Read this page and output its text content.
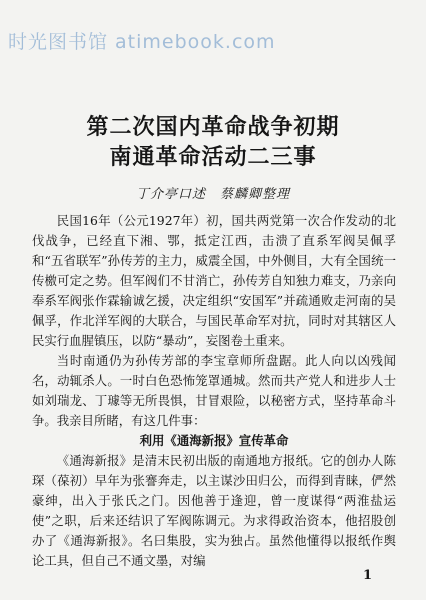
时光图书馆 atimebook.com
第二次国内革命战争初期
南通革命活动二三事
丁介亭口述　蔡麟卿整理

民国16年（公元1927年）初，国共两党第一次合作发动的北伐战争，已经直下湘、鄂，抵定江西，击溃了直系军阀吴佩孚和“五省联军”孙传芳的主力，威震全国，中外侧目，大有全国统一传檄可定之势。但军阀们不甘消亡，孙传芳自知独力难支，乃亲向奉系军阀张作霖输诚乞援，决定组织“安国军”并疏通败走河南的吴佩孚，作北洋军阀的大联合，与国民革命军对抗，同时对其辖区人民实行血腥镇压，以防“暴动”，妄图卷土重来。

当时南通仍为孙传芳部的李宝章师所盘踞。此人向以凶残闻名，动辄杀人。一时白色恐怖笼罩通城。然而共产党人和进步人士如刘瑞龙、丁璩等无所畏惧，甘冒艰险，以秘密方式，坚持革命斗争。我亲目所睹，有这几件事：

利用《通海新报》宣传革命

《通海新报》是清末民初出版的南通地方报纸。它的创办人陈琛（葆初）早年为张謇奔走，以主谋沙田归公，而得到青睐，俨然豪绅，出入于张氏之门。因他善于逢迎，曾一度谋得“两淮盐运使”之职，后来还结识了军阀陈调元。为求得政治资本，他招股创办了《通海新报》。名曰集股，实为独占。虽然他懂得以报纸作舆论工具，但自己不通文墨，对编

1
